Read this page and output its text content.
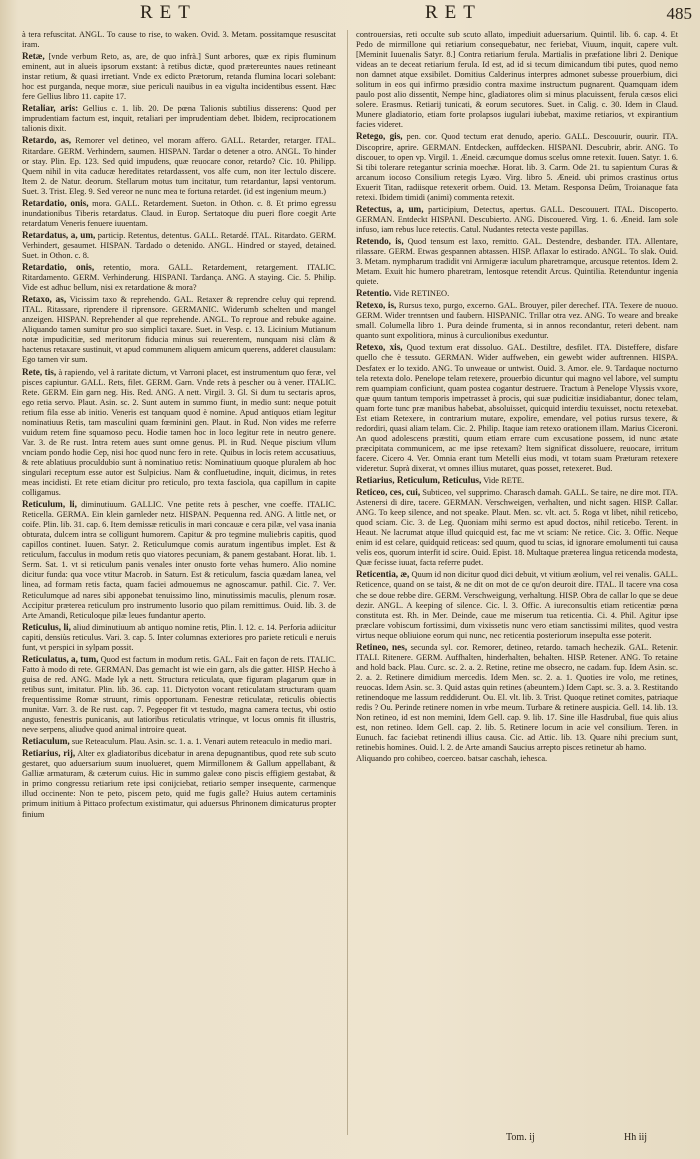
RET	RET	485

à tera refuscitat. ANGL. To cause to rise, to waken. Ovid. 3. Metam. possitamque resuscitat iram.

Retæ, [vnde verbum Reto, as, are, de quo infrà.] Sunt arbores, quæ ex ripis fluminum eminent, aut in alueis ipsorum exstant: à retibus dictæ, quod prætereuntes naues retineant instar retium, & quasi irretiant. Vnde ex edicto Prætorum, retanda flumina locari solebant: hoc est purganda, neque moræ, siue periculi nauibus in ea vigulta incidentibus essent. Hæc fere Gellius libro 11. capite 17.

Retaliar, aris: Gellius c. 1. lib. 20. De pœna Talionis subtilius disserens: Quod per imprudentiam factum est, inquit, retaliari per imprudentiam debet. Ibidem, reciprocationem talionis dixit.

Retardo, as, Remorer vel detineo, vel moram affero. GALL. Retarder, retarger. ITAL. Ritardare. GERM. Verhindern, saumen. HISPAN. Tardar o detener a otro. ANGL. To hinder or stay. Plin. Ep. 123. Sed quid impudens, quæ reuocare conor, retardo? Cic. 10. Philipp. Quem nihil in vita caducæ hereditates retardassent, vos alfe cum, non iter lectulo discere. Item 2. de Natur. deorum. Stellarum motus tum incitatur, tum retardantur, lapsi ventorum. Suet. 3. Trist. Eleg. 9. Sed vereor ne nunc mea te fortuna retardet. (id est ingenium meum.)

Retardatio, onis, mora. GALL. Retardement. Sueton. in Othon. c. 8. Et primo egressu inundationibus Tiberis retardatus. Claud. in Europ. Sertatoque diu pueri flore coegit Arte retardatum Veneris fenuere iuuentam.

Retardatus, a, um, particip. Retentus, detentus. GALL. Retardé. ITAL. Ritardato. GERM. Verhindert, gesaumet. HISPAN. Tardado o detenido. ANGL. Hindred or stayed, detained. Suet. in Othon. c. 8.

Retardatio, onis, retentio, mora. GALL. Retardement, retargement. ITALIC. Ritardamento. GERM. Verhinderung. HISPANI. Tardança. ANG. A staying. Cic. 5. Philip. Vide est adhuc bellum, nisi ex retardatione & mora?

Retaxo, as, Vicissim taxo & reprehendo. GAL. Retaxer & reprendre celuy qui reprend. ITAL. Ritassare, riprendere il riprensore. GERMANIC. Widerumb schelten und mangel anzeigen. HISPAN. Reprehender al que reprehende. ANGL. To reproue and rebuke againe. Aliquando tamen sumitur pro suo simplici taxare. Suet. in Vesp. c. 13. Licinium Mutianum notæ impudicitiæ, sed meritorum fiducia minus sui reuerentem, nunquam nisi clàm & hactenus retaxare sustinuit, vt apud communem aliquem amicum querens, adderet clausulam: Ego tamen vir sum.

Rete, tis, à rapiendo, vel à raritate dictum, vt Varroni placet, est instrumentum quo feræ, vel pisces capiuntur. GALL. Rets, filet. GERM. Garn. Vnde rets à pescher ou à vener. ITALIC. Rete. GERM. Ein garn neg. His. Red. ANG. A nett. Virgil. 3. Gl. Si dum tu sectaris apros, ego retia servo. Plaut. Asin. sc. 2. Sunt autem in summo fiunt, in medio sunt: neque potuit retium fila esse ab initio. Veneris est tanquam quod è nomine. Apud antiquos etiam legitur nominatiuus Retis, tam masculini quam fœminini gen. Plaut. in Rud. Non vides me referre vuidum retem fine squamoso pecu. Hodie tamen hoc in loco legitur rete in neutro genere. Var. 3. de Re rust. Intra retem aues sunt omne genus. Pl. in Rud. Neque piscium vllum vnciam pondo hodie Cep, nisi hoc quod nunc fero in rete. Quibus in locis retem accusatiuus, & rete ablatiuus proculdubio sunt à nominatiuo retis: Nominatiuum quoque pluralem ab hoc singulari receptum esse autor est Sulpicius. Nam & confluetudine, inquit, dicimus, in retes meas incidisti. Et rete etiam dicitur pro reticulo, pro texta fasciola, qua capillum in capite colligamus.

Reticulum, li, diminutiuum. GALLIC. Vne petite rets à pescher, vne coeffe. ITALIC. Reticella. GERMA. Ein klein garnleder netz. HISPAN. Pequenna red. ANG. A little net, or coife. Plin. lib. 31. cap. 6. Item demissæ reticulis in mari concauæ e cera pilæ, vel vasa inania obturata, dulcem intra se colligunt humorem. Capitur & pro tegmine muliebris capitis, quod capillos continet. Iuuen. Satyr. 2. Reticulumque comis auratum ingentibus implet. Est & reticulum, facculus in modum retis quo viatores pecuniam, & panem gestabant. Horat. lib. 1. Serm. Sat. 1. vt si reticulum panis venales inter onusto forte vehas humero. Alio nomine dicitur funda: qua voce vtitur Macrob. in Saturn. Est & reticulum, fascia quædam lanea, vel linea, ad formam retis facta, quam faciei admouemus ne agnoscamur. pathil. Cic. 7. Ver. Reticulumque ad nares sibi apponebat tenuissimo lino, minutissimis maculis, plenum rosæ. Accipitur præterea reticulum pro instrumento lusorio quo pilam remittimus. Ouid. lib. 3. de Arte Amandi, Reticuloque pilæ leues fundantur aperto.

Reticulus, li, aliud diminutiuum ab antiquo nomine retis, Plin. l. 12. c. 14. Perforia adiicitur capiti, densiùs reticulus. Vari. 3. cap. 5. Inter columnas exteriores pro pariete reticuli e neruis funt, vt perspici in sylpam possit.

Reticulatus, a, tum, Quod est factum in modum retis. GAL. Fait en façon de rets. ITALIC. Fatto à modo di rete. GERMAN. Das gemacht ist wie ein garn, als die gatter. HISP. Hecho à guisa de red. ANG. Made lyk a nett. Structura reticulata, quæ figuram plagarum quæ in retibus sunt, imitatur. Plin. lib. 36. cap. 11. Dictyoton vocant reticulatam structuram quam frequentissime Romæ struunt, rimis opportunam. Fenestræ reticulatæ, reticulis obiectis munitæ. Varr. 3. de Re rust. cap. 7. Pegeoper fit vt testudo, magna camera tectus, vbi ostio angusto, fenestris punicanis, aut latioribus reticulatis vtrinque, vt locus omnis fit illustris, neve serpens, aliudve quod animal introire queat.

Retiaculum, sue Reteaculum. Plau. Asin. sc. 1. a. 1. Venari autem reteaculo in medio mari.

Retiarius, rij, Alter ex gladiatoribus dicebatur in arena depugnantibus, quod rete sub scuto gestaret, quo aduersarium suum inuolueret, quem Mirmillonem & Gallum appellabant, & Galliæ armaturam, & cæterum cuius. Hic in summo galeæ cono piscis effigiem gestabat, & in primo congressu retiarium rete ipsi conijciebat, retiario semper insequente, carmenque illud occinente: Non te peto, piscem peto, quid me fugis galle? Huius autem certaminis primum initium à Pittaco profectum existimatur, qui aduersus Phrinonem dimicaturus propter finium

controuersias, reti occulte sub scuto allato, impediuit aduersarium. Quintil. lib. 6. cap. 4. Et Pedo de mirmillone qui retiarium consequebatur, nec feriebat, Viuum, inquit, capere vult. [Meminit Iuuenalis Satyr. 8.] Contra retiarium ferula. Martialis in præfatione libri 2. Denique videas an te deceat retiarium ferula. Id est, ad id si tecum dimicandum tibi putes, quod nemo non damnet atque exsibilet. Domitius Calderinus interpres admonet subesse prouerbium, dici solitum in eos qui infirmo præsidio contra maxime instructum pugnarent. Quamquam idem paulo post alio dissentit, Nempe hinc, gladiatores olim si minus placuissent, ferula cæsos elici solere. Erasmus. Retiarij tunicati, & eorum secutores. Suet. in Calig. c. 30. Idem in Claud. Munere gladiatorio, etiam forte prolapsos iugulari iubebat, maxime retiarios, vt expirantium facies videret.

Retego, gis, pen. cor. Quod tectum erat denudo, aperio. GALL. Descouurir, ouurir. ITA. Discoprire, aprire. GERMAN. Entdecken, auffdecken. HISPANI. Descubrir, abrir. ANG. To discouer, to open vp. Virgil. 1. Æneid. cæcumque domus scelus omne retexit. Iuuen. Satyr. 1. 6. Si tibi tolerare retegantur scrinia moechæ. Horat. lib. 3. Carm. Ode 21. tu sapientum Curas & arcanum iocoso Consilium retegis Lyæo. Virg. libro 5. Æneid. ubi primos crastinus ortus Exuerit Titan, radiisque retexerit orbem. Ouid. 13. Metam. Responsa Deûm, Troianaque fata retexi. Ibidem timidi (animi) commenta retexit.

Retectus, a, um, participium, Detectus, apertus. GALL. Descouuert. ITAL. Discoperto. GERMAN. Entdeckt HISPANI. Descubierto. ANG. Discouered. Virg. 1. 6. Æneid. Iam sole infuso, iam rebus luce retectis. Catul. Nudantes retecta veste papillas.

Retendo, is, Quod tensum est laxo, remitto. GAL. Destendre, desbander. ITA. Allentare, rilassare. GERM. Etwas gespannen abtassen. HISP. Aflaxar lo estirado. ANGL. To slak. Ouid. 3. Metam. nympharum tradidit vni Armigeræ iaculum pharetramque, arcusque retentos. Idem 2. Metam. Exuit hic humero pharetram, lentosque retendit Arcus. Quintilia. Retenduntur ingenia quiete.

Retentio. Vide RETINEO.

Retexo, is, Rursus texo, purgo, excerno. GAL. Brouyer, piler derechef. ITA. Texere de nuouo. GERM. Wider trenntsen und faubern. HISPANIC. Trillar otra vez. ANG. To weare and breake small. Columella libro 1. Pura deinde frumenta, si in annos recondantur, reteri debent. nam quanto sunt expolitiora, minus à curculionibus exeduntur.

Retexo, xis, Quod textum erat dissoluo. GAL. Destiltre, desfilet. ITA. Disteffere, disfare quello che è tessuto. GERMAN. Wider auffweben, ein gewebt wider auftrennen. HISPA. Desfatex er lo texido. ANG. To unweaue or untwist. Ouid. 3. Amor. ele. 9. Tardaque nocturno tela retexta dolo. Penelope telam retexere, prouerbio dicuntur qui magno vel labore, vel sumptu rem quampiam conficiunt, quam postea cogantur destruere. Tractum à Penelope Vlyssis vxore, quæ quum tantum temporis impetrasset à procis, qui suæ pudicitiæ insidiabantur, donec telam, quam forte tunc præ manibus habebat, absoluisset, quicquid interdiu texuisset, noctu retexebat. Est etiam Retexere, in contrarium mutare, expolire, emendare, vel potius rursus texere, & redordiri, quasi aliam telam. Cic. 2. Philip. Itaque iam retexo orationem illam. Marius Ciceroni. An quod adolescens præstiti, quum etiam errare cum excusatione possem, id nunc ætate præcipitata communicem, ac me ipse retexam? Item significat dissoluere, reuocare, irritum facere. Cicero 4. Ver. Omnia erant tum Metelli eius modi, vt totam suam Præturam retexere videretur. Suprà dixerat, vt omnes illius mutaret, quas posset, retexeret. Bud.

Retiarius, Reticulum, Reticulus, Vide RETE.

Reticeo, ces, cui, Subticeo, vel supprimo. Charasch damah. GALL. Se taire, ne dire mot. ITA. Astenersi di dire, tacere. GERMAN. Verschweigen, verhalten, und nicht sagen. HISP. Callar. ANG. To keep silence, and not speake. Plaut. Men. sc. vlt. act. 5. Roga vt libet, nihil reticebo, quod sciam. Cic. 3. de Leg. Quoniam mihi sermo est apud doctos, nihil reticebo. Terent. in Heaut. Ne lacrumat atque illud quicquid est, fac me vt sciam: Ne retice. Cic. 3. Offic. Neque enim id est celare, quidquid reticeas: sed quum, quod tu scias, id ignorare emolumenti tui causa velis eos, quorum interfit id scire. Ouid. Epist. 18. Multaque præterea lingua reticenda modesta, Quæ fecisse iuuat, facta referre pudet.

Reticentia, æ, Quum id non dicitur quod dici debuit, vt vitium æolium, vel rei venalis. GALL. Reticence, quand on se taist, & ne dit on mot de ce qu'on deuroit dire. ITAL. Il tacere vna cosa che se doue rebbe dire. GERM. Verschweigung, verhaltung. HISP. Obra de callar lo que se deue dezir. ANGL. A keeping of silence. Cic. l. 3. Offic. A iureconsultis etiam reticentiæ pœna constituta est. Rh. in Mer. Deinde, caue me miserum tua reticentia. Ci. 4. Phil. Agitur ipse præclare vobiscum fortissimi, dum vixissetis nunc vero etiam sanctissimi milites, quod vestra virtus neque obliuione eorum qui nunc, nec reticentia posteriorum insepulta esse poterit.

Retineo, nes, secunda syl. cor. Remorer, detineo, retardo. tamach hechezik. GAL. Retenir. ITALI. Ritenere. GERM. Auffhalten, hinderhalten, behalten. HISP. Retener. ANG. To retaine and hold back. Plau. Curc. sc. 2. a. 2. Retine, retine me obsecro, ne cadam. fup. Idem Asin. sc. 2. a. 2. Retinere dimidium mercedis. Idem Men. sc. 2. a. 1. Quoties ire volo, me retines, reuocas. Idem Asin. sc. 3. Quid astas quin retines (abeuntem.) Idem Capt. sc. 3. a. 3. Restitando retinendoque me lassum reddiderunt. Ou. El. vlt. lib. 3. Trist. Quoque retinet comites, patriaque redis ? Ou. Perinde retinere nomen in vrbe meum. Turbare & retinere auspicia. Gell. 14. lib. 13. Non retineo, id est non memini, Idem Gell. cap. 9. lib. 17. Sine ille Hasdrubal, fiue quis alius est, non retineo. Idem Gell. cap. 2. lib. 5. Retinere locum in acie vel consilium. Teren. in Eunuch. fac faciebat retinendi illius causa. Cic. ad Attic. lib. 13. Quare nihi precium sunt, retinebis homines. Ouid. l. 2. de Arte amandi Saucius arrepto pisces retinetur ab hamo.

Aliquando pro cohibeo, coerceo. batsar caschah, iehesca.

Tom. ij	Hh iij
